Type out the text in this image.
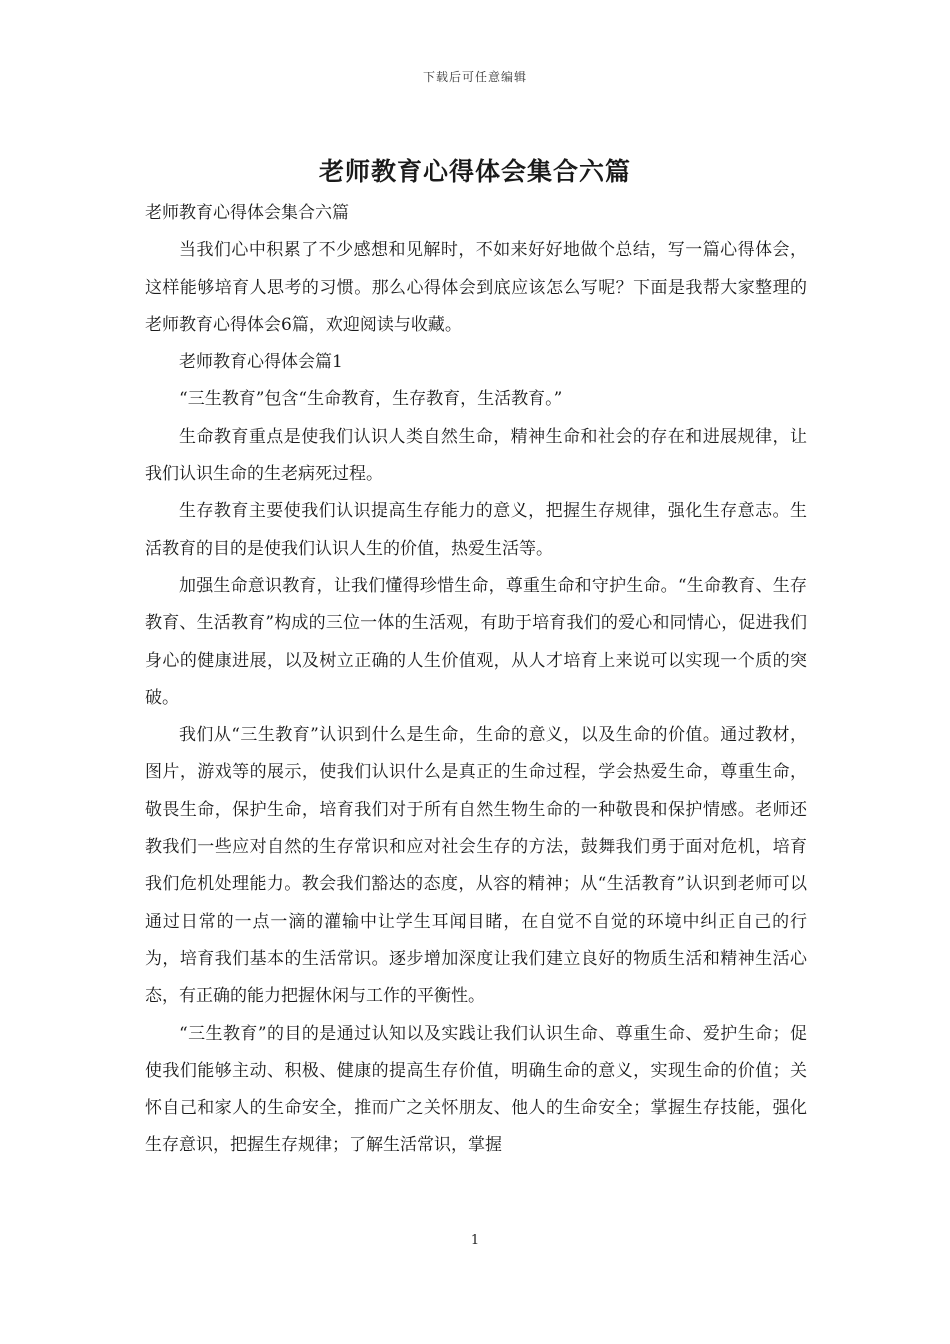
下载后可任意编辑
老师教育心得体会集合六篇

老师教育心得体会集合六篇

当我们心中积累了不少感想和见解时，不如来好好地做个总结，写一篇心得体会，这样能够培育人思考的习惯。那么心得体会到底应该怎么写呢？下面是我帮大家整理的老师教育心得体会6篇，欢迎阅读与收藏。

老师教育心得体会篇1

“三生教育”包含“生命教育，生存教育，生活教育。”

生命教育重点是使我们认识人类自然生命，精神生命和社会的存在和进展规律，让我们认识生命的生老病死过程。

生存教育主要使我们认识提高生存能力的意义，把握生存规律，强化生存意志。生活教育的目的是使我们认识人生的价值，热爱生活等。

加强生命意识教育，让我们懂得珍惜生命，尊重生命和守护生命。“生命教育、生存教育、生活教育”构成的三位一体的生活观，有助于培育我们的爱心和同情心，促进我们身心的健康进展，以及树立正确的人生价值观，从人才培育上来说可以实现一个质的突破。

我们从“三生教育”认识到什么是生命，生命的意义，以及生命的价值。通过教材，图片，游戏等的展示，使我们认识什么是真正的生命过程，学会热爱生命，尊重生命，敬畏生命，保护生命，培育我们对于所有自然生物生命的一种敬畏和保护情感。老师还教我们一些应对自然的生存常识和应对社会生存的方法，鼓舞我们勇于面对危机，培育我们危机处理能力。教会我们豁达的态度，从容的精神；从“生活教育”认识到老师可以通过日常的一点一滴的灌输中让学生耳闻目睹，在自觉不自觉的环境中纠正自己的行为，培育我们基本的生活常识。逐步增加深度让我们建立良好的物质生活和精神生活心态，有正确的能力把握休闲与工作的平衡性。

“三生教育”的目的是通过认知以及实践让我们认识生命、尊重生命、爱护生命；促使我们能够主动、积极、健康的提高生存价值，明确生命的意义，实现生命的价值；关怀自己和家人的生命安全，推而广之关怀朋友、他人的生命安全；掌握生存技能，强化生存意识，把握生存规律；了解生活常识，掌握

1
